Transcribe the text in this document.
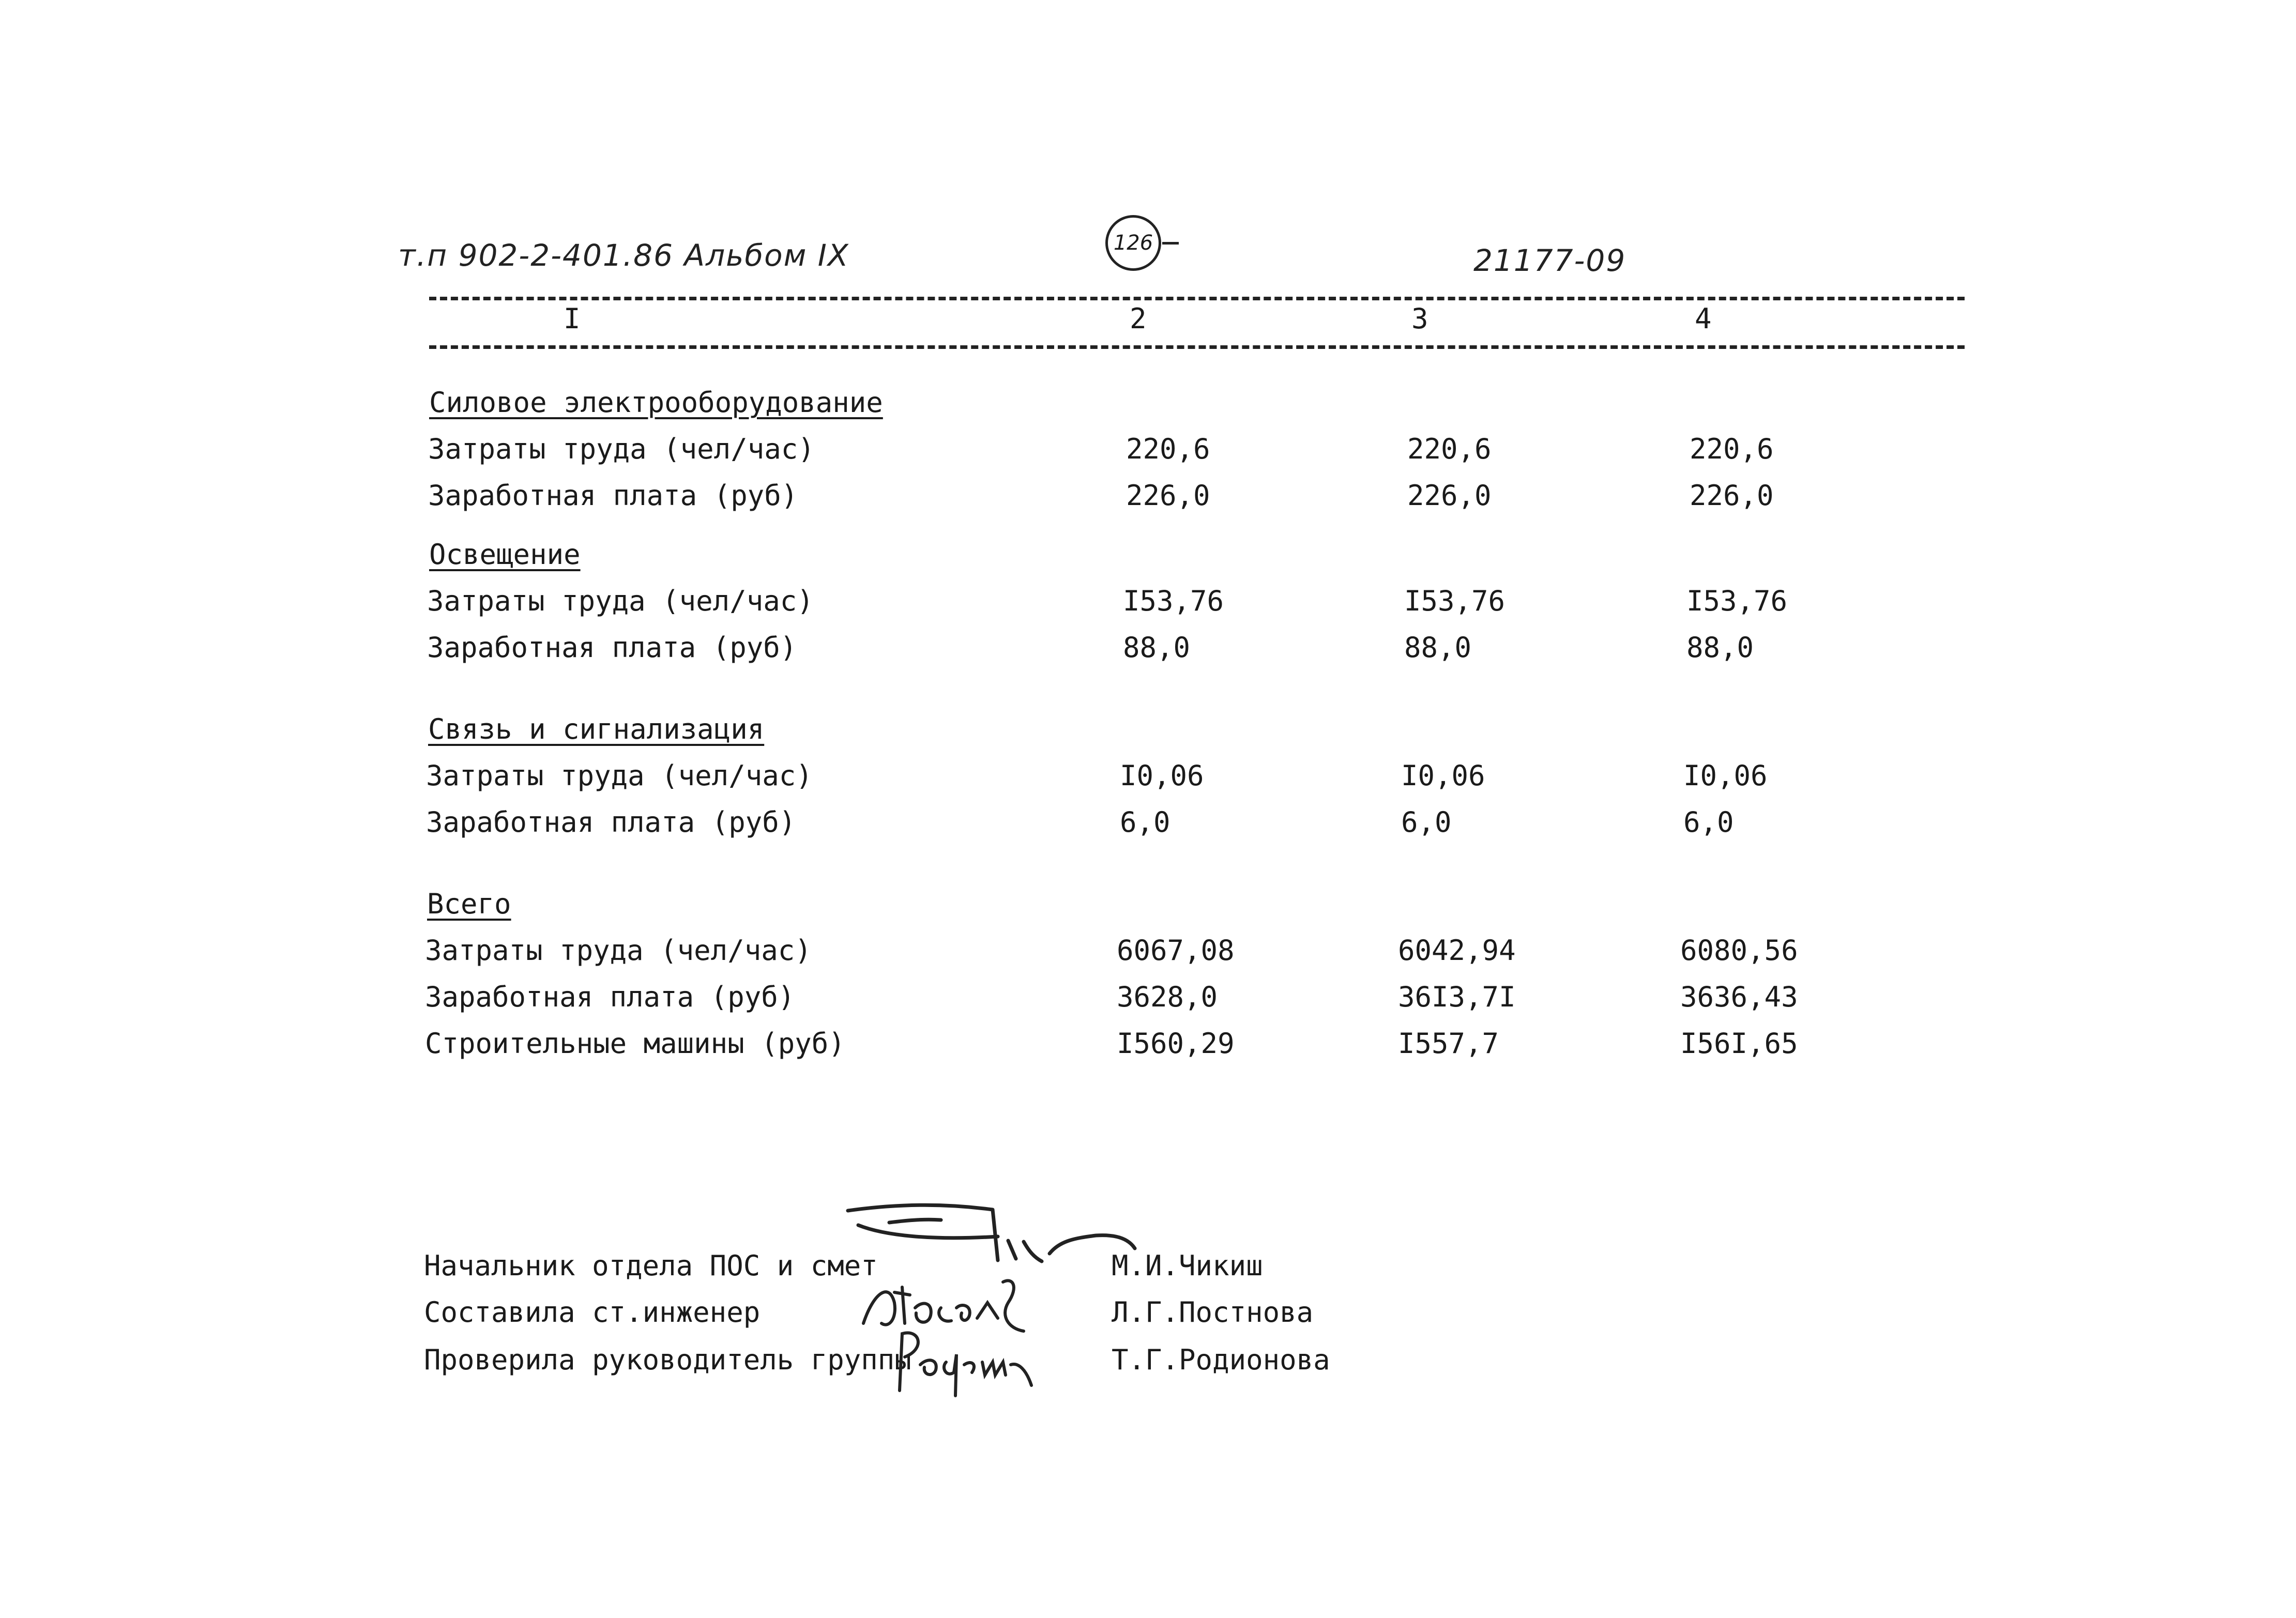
т.п 902-2-401.86 Альбом IX	126	21177-09
I	2	3	4
Силовое электрооборудование
Затраты труда (чел/час)	220,6	220,6	220,6
Заработная плата (руб)	226,0	226,0	226,0
Освещение
Затраты труда (чел/час)	I53,76	I53,76	I53,76
Заработная плата (руб)	88,0	88,0	88,0
Связь и сигнализация
Затраты труда (чел/час)	I0,06	I0,06	I0,06
Заработная плата (руб)	6,0	6,0	6,0
Всего
Затраты труда (чел/час)	6067,08	6042,94	6080,56
Заработная плата (руб)	3628,0	36I3,7I	3636,43
Строительные машины (руб)	I560,29	I557,7	I56I,65
Начальник отдела ПОС и смет	М.И.Чикиш
Составила ст.инженер	Л.Г.Постнова
Проверила руководитель группы	Т.Г.Родионова
